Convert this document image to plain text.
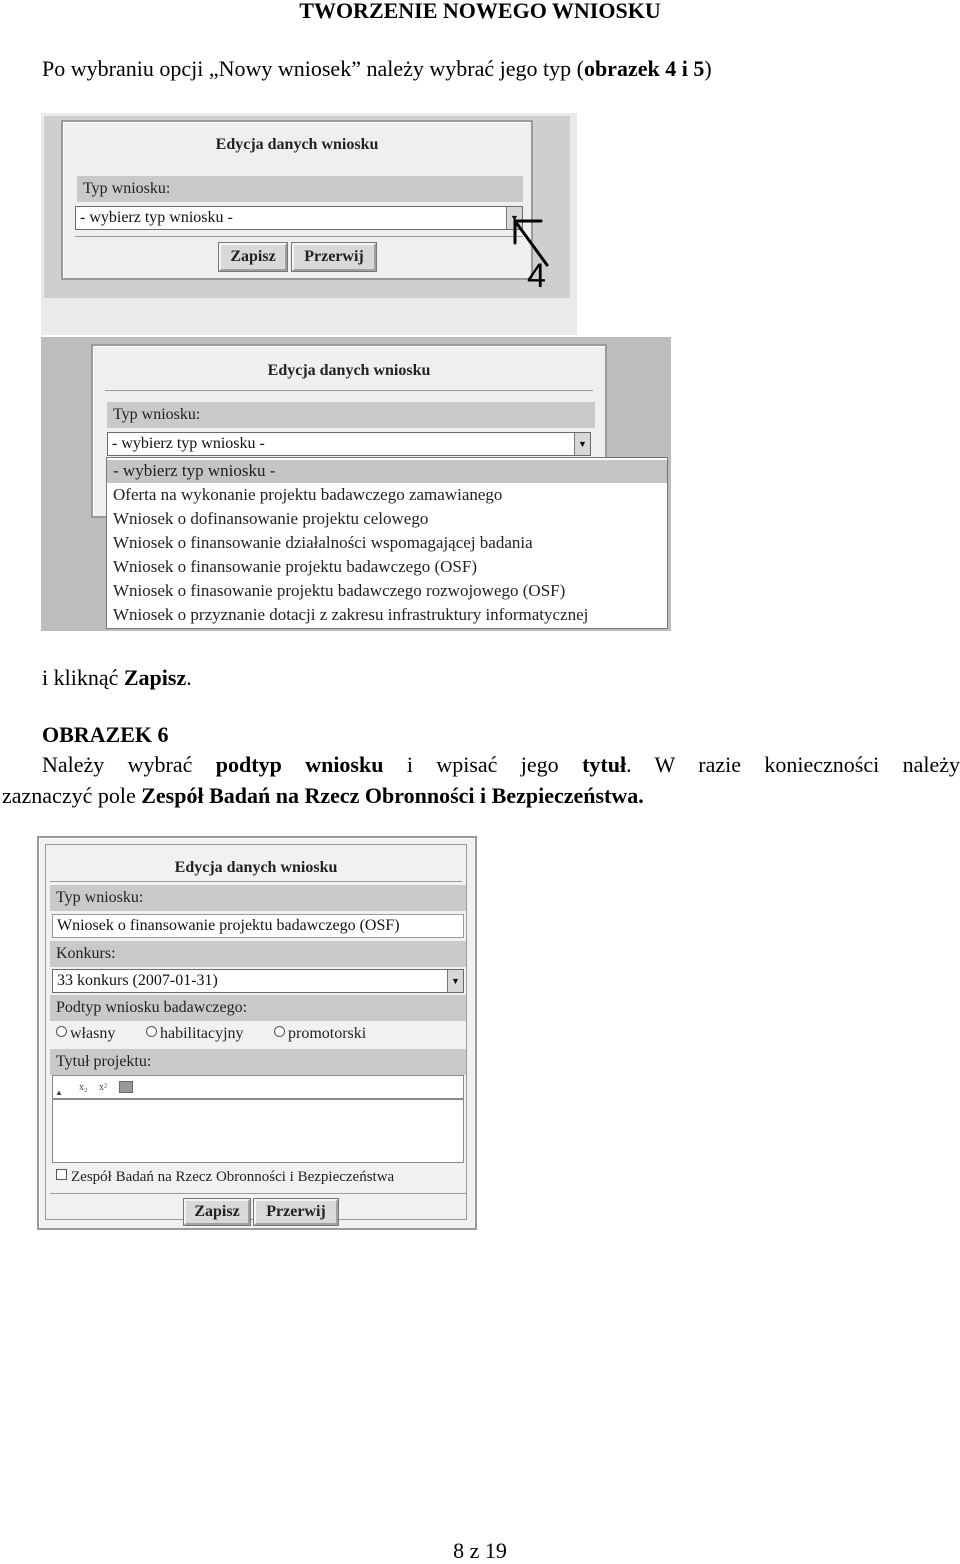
TWORZENIE NOWEGO WNIOSKU
Po wybraniu opcji „Nowy wniosek” należy wybrać jego typ (obrazek 4 i 5)
Edycja danych wniosku
Typ wniosku:
- wybierz typ wniosku -	▼
Zapisz	Przerwij
4
Edycja danych wniosku
Typ wniosku:
- wybierz typ wniosku -	▼
- wybierz typ wniosku -
Oferta na wykonanie projektu badawczego zamawianego
Wniosek o dofinansowanie projektu celowego
Wniosek o finansowanie działalności wspomagającej badania
Wniosek o finansowanie projektu badawczego (OSF)
Wniosek o finasowanie projektu badawczego rozwojowego (OSF)
Wniosek o przyznanie dotacji z zakresu infrastruktury informatycznej
i kliknąć Zapisz.
OBRAZEK 6
Należy wybrać podtyp wniosku i wpisać jego tytuł. W razie konieczności należy
zaznaczyć pole Zespół Badań na Rzecz Obronności i Bezpieczeństwa.
Edycja danych wniosku
Typ wniosku:
Wniosek o finansowanie projektu badawczego (OSF)
Konkurs:
33 konkurs (2007-01-31)	▼
Podtyp wniosku badawczego:
własny	habilitacyjny	promotorski
Tytuł projektu:
▲ x₂ x²
Zespół Badań na Rzecz Obronności i Bezpieczeństwa
Zapisz	Przerwij
8 z 19
